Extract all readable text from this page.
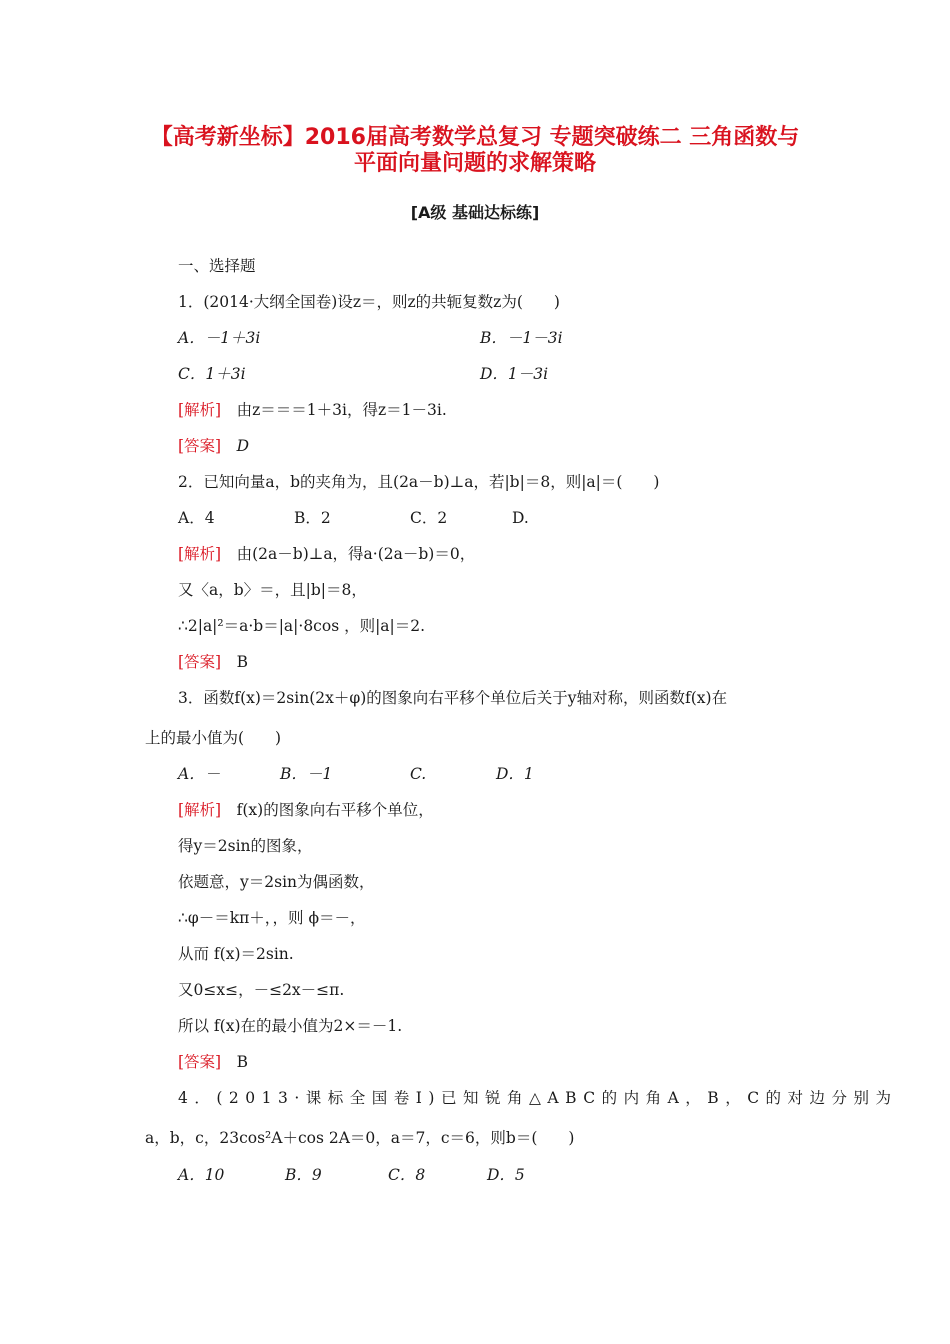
【高考新坐标】2016届高考数学总复习 专题突破练二 三角函数与
平面向量问题的求解策略
[A级 基础达标练]
一、选择题
1．(2014·大纲全国卷)设z＝，则z的共轭复数z为(　　)
A．－1＋3i	B．－1－3i
C．1＋3i	D．1－3i
[解析]　 由z＝＝＝1＋3i，得z＝1－3i.
[答案]　 D
2．已知向量a，b的夹角为，且(2a－b)⊥a，若|b|＝8，则|a|＝(　　)
A．4	B．2	C．2	D.
[解析]　 由(2a－b)⊥a，得a·(2a－b)＝0，
又〈a，b〉＝，且|b|＝8，
∴2|a|²＝a·b＝|a|·8cos ，则|a|＝2.
[答案]　 B
3．函数f(x)＝2sin(2x＋φ)的图象向右平移个单位后关于y轴对称，则函数f(x)在
上的最小值为(　　)
A．－	B．－1	C.	D．1
[解析]　 f(x)的图象向右平移个单位，
得y＝2sin的图象，
依题意，y＝2sin为偶函数，
∴φ－＝kπ＋，，则 ϕ＝－，
从而 f(x)＝2sin.
又0≤x≤，－≤2x－≤π.
所以 f(x)在的最小值为2×＝－1.
[答案]　 B
4．(2013·课标全国卷Ⅰ)已知锐角△ABC的内角A，B，C的对边分别为
a，b，c，23cos²A＋cos 2A＝0，a＝7，c＝6，则b＝(　　)
A．10	B．9	C．8	D．5
